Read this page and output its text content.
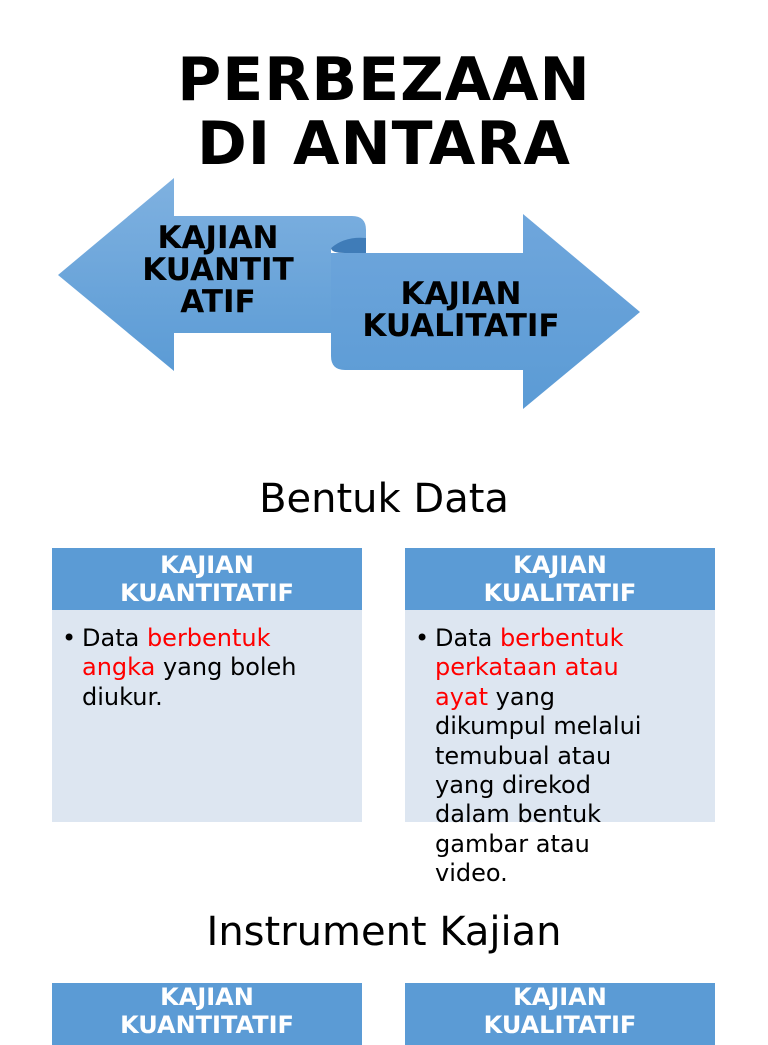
PERBEZAAN
DI ANTARA
KAJIAN
KUANTIT
ATIF	KAJIAN
KUALITATIF
Bentuk Data
KAJIAN
KUANTITATIF
• Data berbentuk
angka yang boleh
diukur.
KAJIAN
KUALITATIF
• Data berbentuk
perkataan atau
ayat yang
dikumpul melalui
temubual atau
yang direkod
dalam bentuk
gambar atau
video.
Instrument Kajian
KAJIAN
KUANTITATIF
KAJIAN
KUALITATIF
